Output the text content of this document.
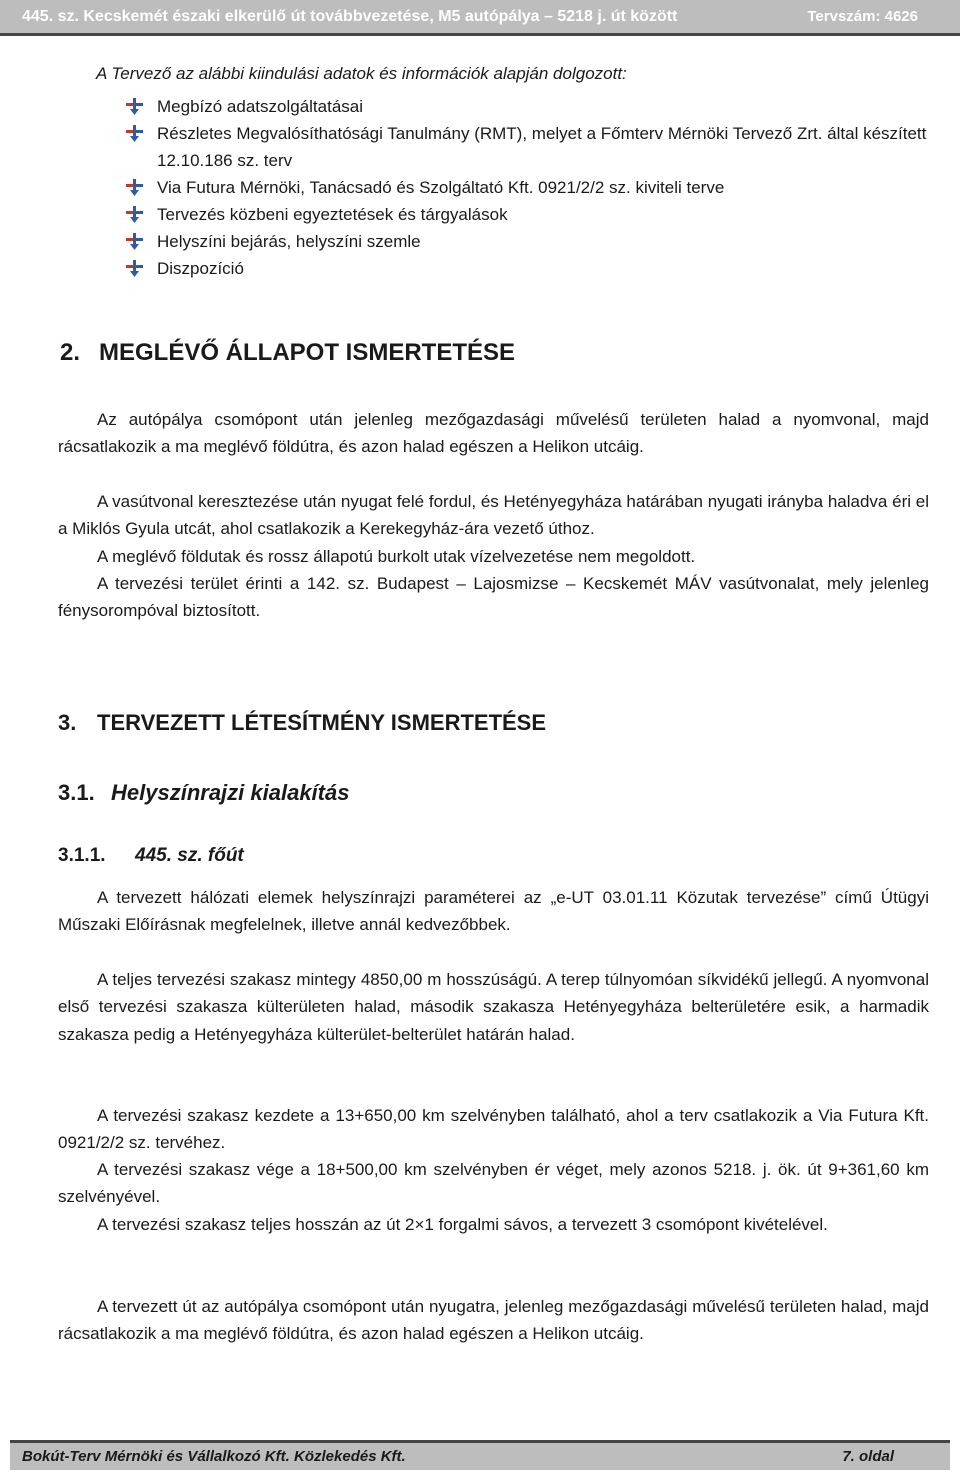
445. sz. Kecskemét északi elkerülő út továbbvezetése, M5 autópálya – 5218 j. út között	Tervszám: 4626
A Tervező az alábbi kiindulási adatok és információk alapján dolgozott:
Megbízó adatszolgáltatásai
Részletes Megvalósíthatósági Tanulmány (RMT), melyet a Főmterv Mérnöki Tervező Zrt. által készített 12.10.186 sz. terv
Via Futura Mérnöki, Tanácsadó és Szolgáltató Kft. 0921/2/2 sz. kiviteli terve
Tervezés közbeni egyeztetések és tárgyalások
Helyszíni bejárás, helyszíni szemle
Diszpozíció
2. MEGLÉVŐ ÁLLAPOT ISMERTETÉSE

Az autópálya csomópont után jelenleg mezőgazdasági művelésű területen halad a nyomvonal, majd rácsatlakozik a ma meglévő földútra, és azon halad egészen a Helikon utcáig.

A vasútvonal keresztezése után nyugat felé fordul, és Hetényegyháza határában nyugati irányba haladva éri el a Miklós Gyula utcát, ahol csatlakozik a Kerekegyház-ára vezető úthoz.

A meglévő földutak és rossz állapotú burkolt utak vízelvezetése nem megoldott.

A tervezési terület érinti a 142. sz. Budapest – Lajosmizse – Kecskemét MÁV vasútvonalat, mely jelenleg fénysorompóval biztosított.

3. TERVEZETT LÉTESÍTMÉNY ISMERTETÉSE
3.1. Helyszínrajzi kialakítás
3.1.1. 445. sz. főút

A tervezett hálózati elemek helyszínrajzi paraméterei az „e-UT 03.01.11 Közutak tervezése” című Útügyi Műszaki Előírásnak megfelelnek, illetve annál kedvezőbbek.

A teljes tervezési szakasz mintegy 4850,00 m hosszúságú. A terep túlnyomóan síkvidékű jellegű. A nyomvonal első tervezési szakasza külterületen halad, második szakasza Hetényegyháza belterületére esik, a harmadik szakasza pedig a Hetényegyháza külterület-belterület határán halad.

A tervezési szakasz kezdete a 13+650,00 km szelvényben található, ahol a terv csatlakozik a Via Futura Kft. 0921/2/2 sz. tervéhez.

A tervezési szakasz vége a 18+500,00 km szelvényben ér véget, mely azonos 5218. j. ök. út 9+361,60 km szelvényével.

A tervezési szakasz teljes hosszán az út 2×1 forgalmi sávos, a tervezett 3 csomópont kivételével.

A tervezett út az autópálya csomópont után nyugatra, jelenleg mezőgazdasági művelésű területen halad, majd rácsatlakozik a ma meglévő földútra, és azon halad egészen a Helikon utcáig.

Bokút-Terv Mérnöki és Vállalkozó Kft. Közlekedés Kft.	7. oldal
